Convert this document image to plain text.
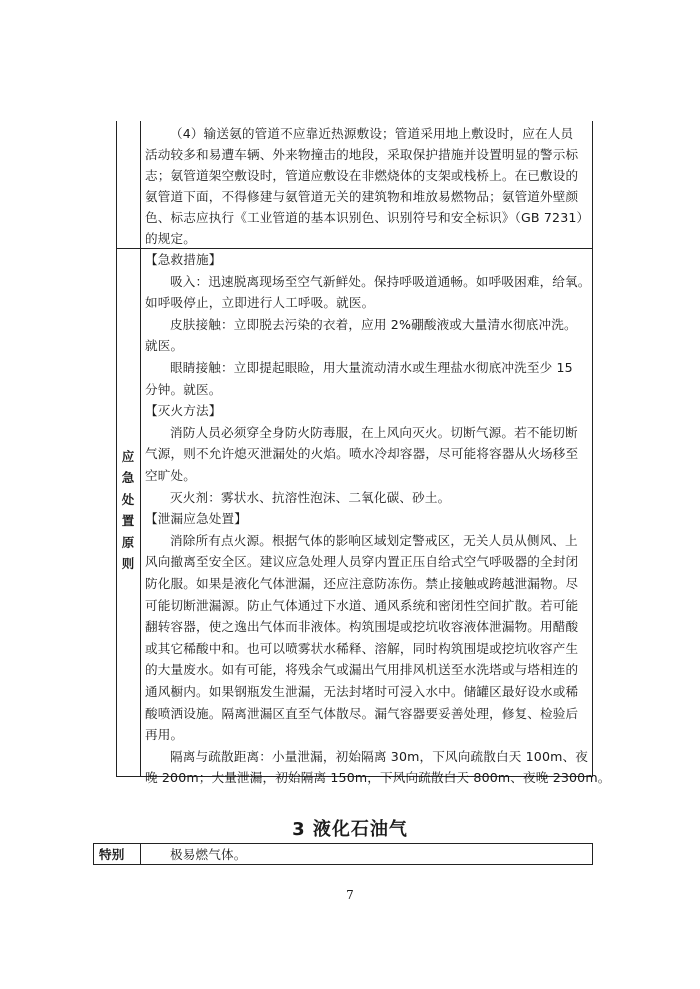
（4）输送氨的管道不应靠近热源敷设；管道采用地上敷设时，应在人员
活动较多和易遭车辆、外来物撞击的地段，采取保护措施并设置明显的警示标
志；氨管道架空敷设时，管道应敷设在非燃烧体的支架或栈桥上。在已敷设的
氨管道下面，不得修建与氨管道无关的建筑物和堆放易燃物品；氨管道外壁颜
色、标志应执行《工业管道的基本识别色、识别符号和安全标识》（GB 7231）
的规定。
应
急
处
置
原
则
【急救措施】
吸入：迅速脱离现场至空气新鲜处。保持呼吸道通畅。如呼吸困难，给氧。
如呼吸停止，立即进行人工呼吸。就医。
皮肤接触：立即脱去污染的衣着，应用 2%硼酸液或大量清水彻底冲洗。
就医。
眼睛接触：立即提起眼睑，用大量流动清水或生理盐水彻底冲洗至少 15
分钟。就医。
【灭火方法】
消防人员必须穿全身防火防毒服，在上风向灭火。切断气源。若不能切断
气源，则不允许熄灭泄漏处的火焰。喷水冷却容器，尽可能将容器从火场移至
空旷处。
灭火剂：雾状水、抗溶性泡沫、二氧化碳、砂土。
【泄漏应急处置】
消除所有点火源。根据气体的影响区域划定警戒区，无关人员从侧风、上
风向撤离至安全区。建议应急处理人员穿内置正压自给式空气呼吸器的全封闭
防化服。如果是液化气体泄漏，还应注意防冻伤。禁止接触或跨越泄漏物。尽
可能切断泄漏源。防止气体通过下水道、通风系统和密闭性空间扩散。若可能
翻转容器，使之逸出气体而非液体。构筑围堤或挖坑收容液体泄漏物。用醋酸
或其它稀酸中和。也可以喷雾状水稀释、溶解，同时构筑围堤或挖坑收容产生
的大量废水。如有可能，将残余气或漏出气用排风机送至水洗塔或与塔相连的
通风橱内。如果钢瓶发生泄漏，无法封堵时可浸入水中。储罐区最好设水或稀
酸喷洒设施。隔离泄漏区直至气体散尽。漏气容器要妥善处理，修复、检验后
再用。
隔离与疏散距离：小量泄漏，初始隔离 30m，下风向疏散白天 100m、夜
晚 200m；大量泄漏，初始隔离 150m，下风向疏散白天 800m、夜晚 2300m。
3 液化石油气
特别	极易燃气体。
7
